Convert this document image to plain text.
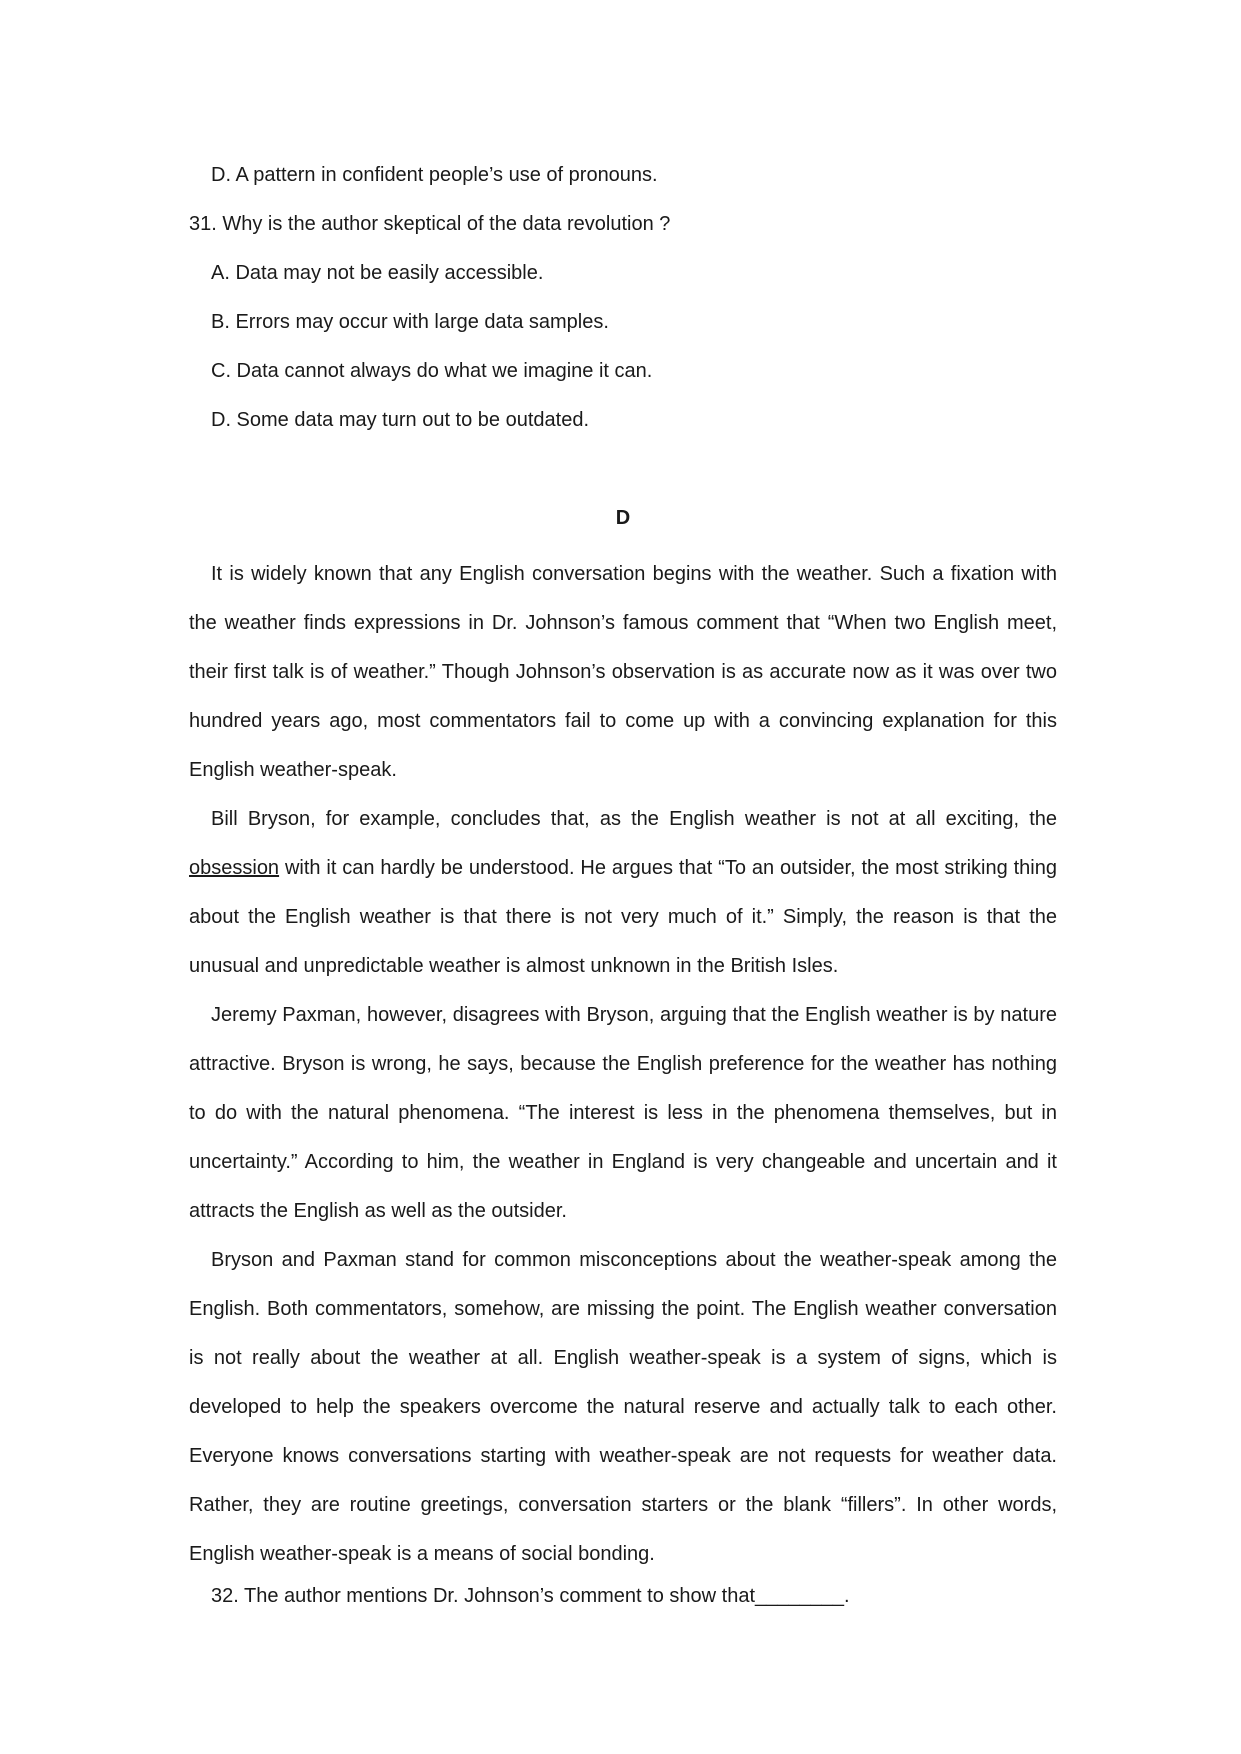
D. A pattern in confident people’s use of pronouns.
31. Why is the author skeptical of the data revolution ?
A. Data may not be easily accessible.
B. Errors may occur with large data samples.
C. Data cannot always do what we imagine it can.
D. Some data may turn out to be outdated.
D

It is widely known that any English conversation begins with the weather. Such a fixation with the weather finds expressions in Dr. Johnson’s famous comment that “When two English meet, their first talk is of weather.” Though Johnson’s observation is as accurate now as it was over two hundred years ago, most commentators fail to come up with a convincing explanation for this English weather-speak.

Bill Bryson, for example, concludes that, as the English weather is not at all exciting, the obsession with it can hardly be understood. He argues that “To an outsider, the most striking thing about the English weather is that there is not very much of it.” Simply, the reason is that the unusual and unpredictable weather is almost unknown in the British Isles.

Jeremy Paxman, however, disagrees with Bryson, arguing that the English weather is by nature attractive. Bryson is wrong, he says, because the English preference for the weather has nothing to do with the natural phenomena. “The interest is less in the phenomena themselves, but in uncertainty.” According to him, the weather in England is very changeable and uncertain and it attracts the English as well as the outsider.

Bryson and Paxman stand for common misconceptions about the weather-speak among the English. Both commentators, somehow, are missing the point. The English weather conversation is not really about the weather at all. English weather-speak is a system of signs, which is developed to help the speakers overcome the natural reserve and actually talk to each other. Everyone knows conversations starting with weather-speak are not requests for weather data. Rather, they are routine greetings, conversation starters or the blank “fillers”. In other words, English weather-speak is a means of social bonding.

32. The author mentions Dr. Johnson’s comment to show that________.
